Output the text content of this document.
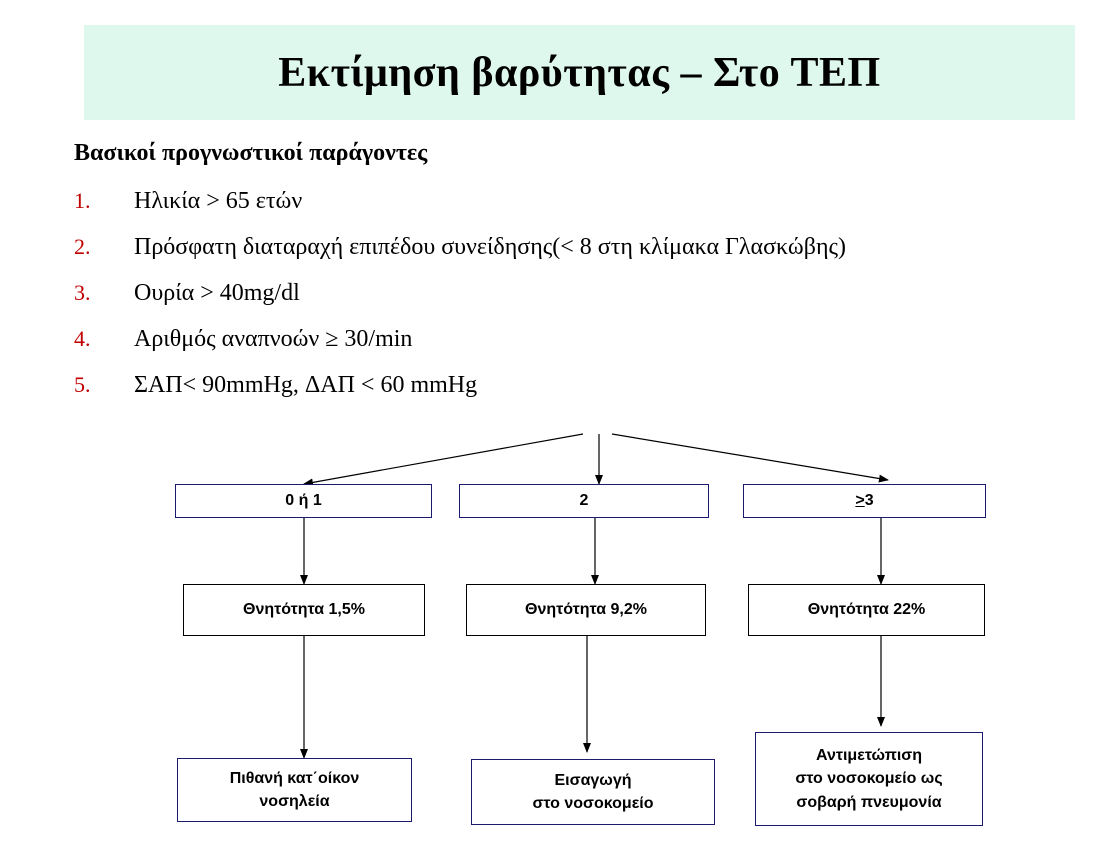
Εκτίμηση βαρύτητας – Στο ΤΕΠ
Βασικοί προγνωστικοί παράγοντες
1.	Ηλικία > 65 ετών
2.	Πρόσφατη διαταραχή επιπέδου συνείδησης(< 8 στη κλίμακα Γλασκώβης)
3.	Ουρία > 40mg/dl
4.	Αριθμός αναπνοών ≥ 30/min
5.	ΣΑΠ< 90mmHg, ΔΑΠ < 60 mmHg
0 ή 1	2	≥ 3
Θνητότητα 1,5%	Θνητότητα 9,2%	Θνητότητα 22%
Πιθανή κατ΄οίκον
νοσηλεία
Εισαγωγή
στο νοσοκομείο
Αντιμετώπιση
στο νοσοκομείο ως
σοβαρή πνευμονία
